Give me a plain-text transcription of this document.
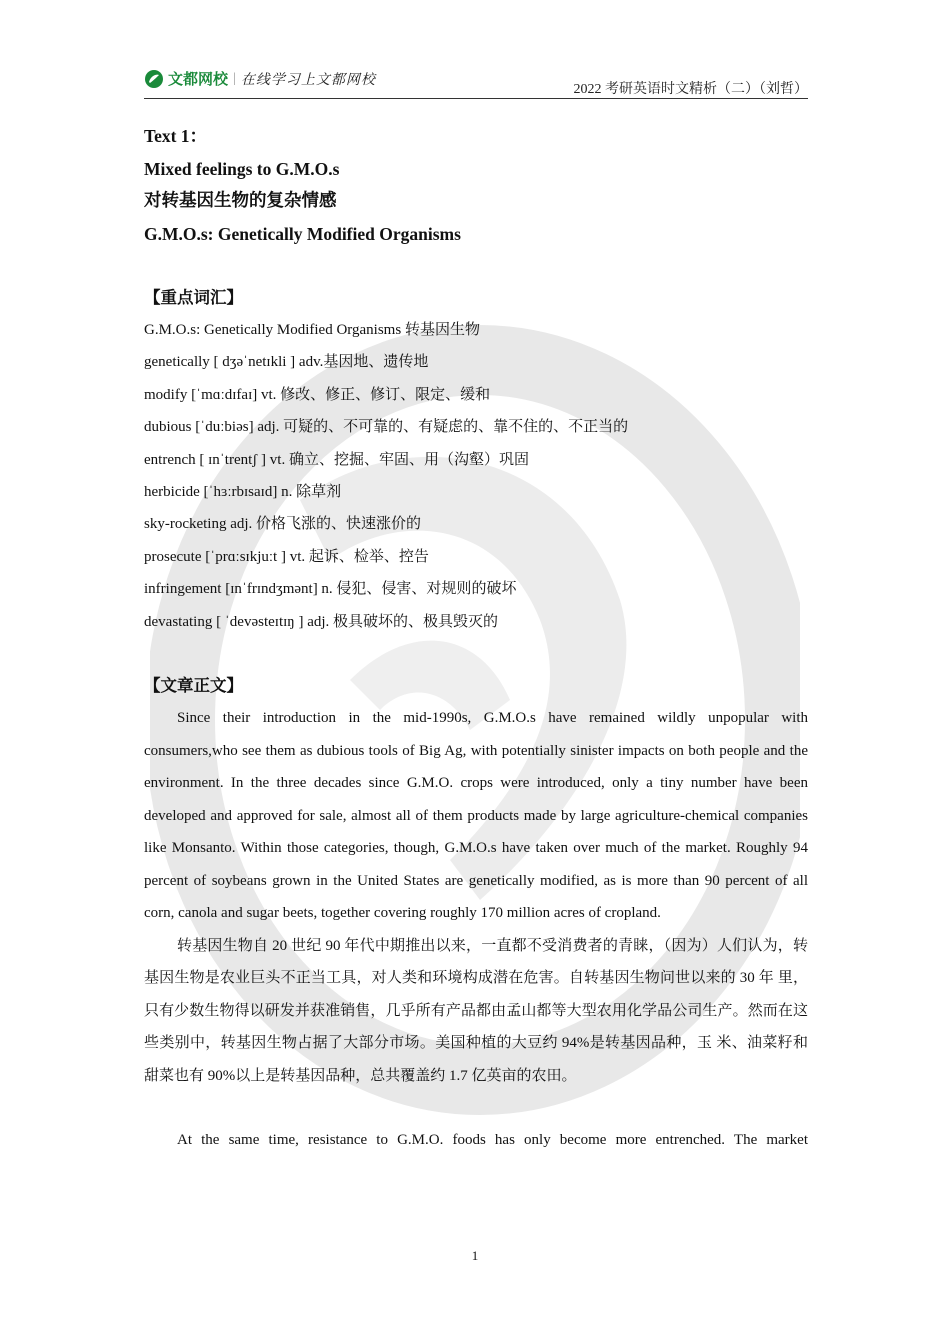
文都网校 | 在线学习上文都网校
2022 考研英语时文精析（二）（刘哲）
Text 1：
Mixed feelings to G.M.O.s
对转基因生物的复杂情感
G.M.O.s: Genetically Modified Organisms
【重点词汇】
G.M.O.s: Genetically Modified Organisms 转基因生物
genetically [ dʒəˈnetɪkli ] adv.基因地、遗传地
modify [ˈmɑːdɪfaɪ] vt. 修改、修正、修订、限定、缓和
dubious [ˈduːbiəs] adj. 可疑的、不可靠的、有疑虑的、靠不住的、不正当的
entrench [ ɪnˈtrentʃ ] vt. 确立、挖掘、牢固、用（沟壑）巩固
herbicide [ˈhɜːrbɪsaɪd] n. 除草剂
sky-rocketing adj. 价格飞涨的、快速涨价的
prosecute [ˈprɑːsɪkjuːt ] vt. 起诉、检举、控告
infringement [ɪnˈfrɪndʒmənt] n. 侵犯、侵害、对规则的破坏
devastating [ ˈdevəsteɪtɪŋ ] adj. 极具破坏的、极具毁灭的
【文章正文】

Since their introduction in the mid-1990s, G.M.O.s have remained wildly unpopular with consumers,who see them as dubious tools of Big Ag, with potentially sinister impacts on both people and the environment. In the three decades since G.M.O. crops were introduced, only a tiny number have been developed and approved for sale, almost all of them products made by large agriculture-chemical companies like Monsanto. Within those categories, though, G.M.O.s have taken over much of the market. Roughly 94 percent of soybeans grown in the United States are genetically modified, as is more than 90 percent of all corn, canola and sugar beets, together covering roughly 170 million acres of cropland.

转基因生物自 20 世纪 90 年代中期推出以来，一直都不受消费者的青睐，（因为）人们认为，转基因生物是农业巨头不正当工具，对人类和环境构成潜在危害。自转基因生物问世以来的 30 年 里，只有少数生物得以研发并获准销售，几乎所有产品都由孟山都等大型农用化学品公司生产。然而在这些类别中，转基因生物占据了大部分市场。美国种植的大豆约 94%是转基因品种，玉 米、油菜籽和甜菜也有 90%以上是转基因品种，总共覆盖约 1.7 亿英亩的农田。

At the same time, resistance to G.M.O. foods has only become more entrenched. The market

1
